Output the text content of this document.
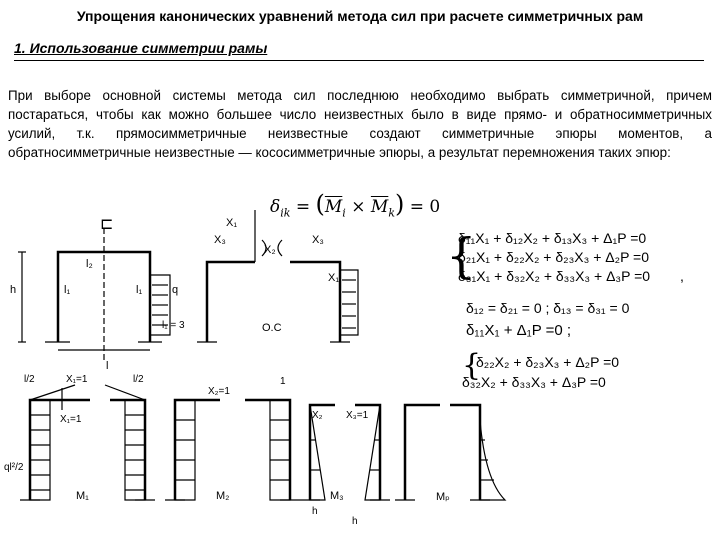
Упрощения канонических уравнений метода сил при расчете симметричных рам
1. Использование симметрии рамы
При выборе основной системы метода сил последнюю необходимо выбрать симметричной, причем постараться, чтобы как можно большее число неизвестных было в виде прямо- и обратносимметричных усилий, т.к. прямосимметричные неизвестные создают симметричные эпюры моментов, а обратносимметричные неизвестные — кососимметричные эпюры, а результат перемножения таких эпюр:
$\delta_{ik} = (\overline{M}_i \times \overline{M}_k) = 0$
δ₁₁X₁ + δ₁₂X₂ + δ₁₃X₃ + Δ₁P =0
δ₂₁X₁ + δ₂₂X₂ + δ₂₃X₃ + Δ₂P =0
δ₃₁X₁ + δ₃₂X₂ + δ₃₃X₃ + Δ₃P =0
{	,
δ₁₂ = δ₂₁ = 0 ; δ₁₃ = δ₃₁ = 0
δ₁₁X₁ + Δ₁P =0 ;
{
δ₂₂X₂ + δ₂₃X₃ + Δ₂P =0
δ₃₂X₂ + δ₃₃X₃ + Δ₃P =0
⊏	X₁
X₃
X₂
X₃
X₁
l₂
h	l₁	l₁	q
l₁ = 3	О.С
l
l/2	X₁=1	l/2
X₁=1
X₂=1
1
X₂ X₃=1
ql²/2
M₁	M₂	M₃	Mₚ
h
h
